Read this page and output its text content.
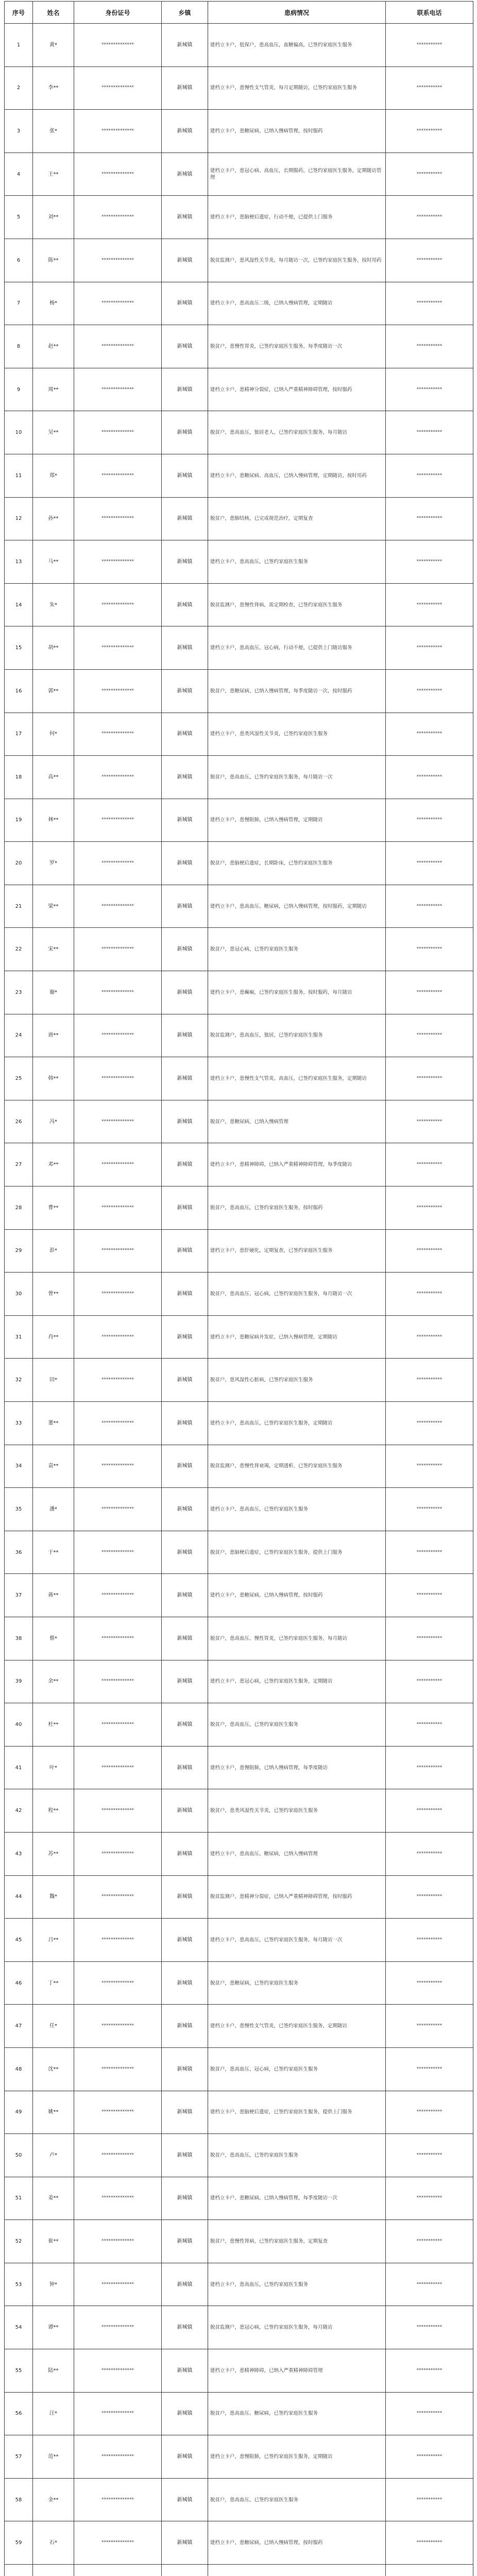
序号	姓名	身份证号	乡镇	患病情况	联系电话
1	黄*	**************	新城镇	建档立卡户，低保户，患高血压，血糖偏高，已签约家庭医生服务	***********
2	李**	**************	新城镇	建档立卡户，患慢性支气管炎，每月定期随访，已签约家庭医生服务	***********
3	张*	**************	新城镇	建档立卡户，患糖尿病，已纳入慢病管理，按时服药	***********
4	王**	**************	新城镇	建档立卡户，患冠心病、高血压，长期服药，已签约家庭医生服务，定期随访管理	***********
5	刘**	**************	新城镇	建档立卡户，患脑梗后遗症，行动不便，已提供上门服务	***********
6	陈**	**************	新城镇	脱贫监测户，患风湿性关节炎，每月随访一次，已签约家庭医生服务，按时用药	***********
7	杨*	**************	新城镇	建档立卡户，患高血压二级，已纳入慢病管理，定期随访	***********
8	赵**	**************	新城镇	脱贫户，患慢性胃炎，已签约家庭医生服务，每季度随访一次	***********
9	周**	**************	新城镇	建档立卡户，患精神分裂症，已纳入严重精神障碍管理，按时服药	***********
10	吴**	**************	新城镇	脱贫户，患高血压，独居老人，已签约家庭医生服务，每月随访	***********
11	郑*	**************	新城镇	建档立卡户，患糖尿病、高血压，已纳入慢病管理，定期随访，按时用药	***********
12	孙**	**************	新城镇	脱贫户，患肺结核，已完成规范治疗，定期复查	***********
13	马**	**************	新城镇	建档立卡户，患高血压，已签约家庭医生服务	***********
14	朱*	**************	新城镇	脱贫监测户，患慢性肾病，需定期检查，已签约家庭医生服务	***********
15	胡**	**************	新城镇	建档立卡户，患高血压、冠心病，行动不便，已提供上门随访服务	***********
16	郭**	**************	新城镇	脱贫户，患糖尿病，已纳入慢病管理，每季度随访一次，按时服药	***********
17	何*	**************	新城镇	建档立卡户，患类风湿性关节炎，已签约家庭医生服务	***********
18	高**	**************	新城镇	脱贫户，患高血压，已签约家庭医生服务，每月随访一次	***********
19	林**	**************	新城镇	建档立卡户，患慢阻肺，已纳入慢病管理，定期随访	***********
20	罗*	**************	新城镇	脱贫户，患脑梗后遗症，长期卧床，已签约家庭医生服务	***********
21	梁**	**************	新城镇	建档立卡户，患高血压、糖尿病，已纳入慢病管理，按时服药，定期随访	***********
22	宋**	**************	新城镇	脱贫户，患冠心病，已签约家庭医生服务	***********
23	谢*	**************	新城镇	建档立卡户，患癫痫，已签约家庭医生服务，按时服药，每月随访	***********
24	唐**	**************	新城镇	脱贫监测户，患高血压，独居，已签约家庭医生服务	***********
25	韩**	**************	新城镇	建档立卡户，患慢性支气管炎、高血压，已签约家庭医生服务，定期随访	***********
26	冯*	**************	新城镇	脱贫户，患糖尿病，已纳入慢病管理	***********
27	邓**	**************	新城镇	建档立卡户，患精神障碍，已纳入严重精神障碍管理，每季度随访	***********
28	曹**	**************	新城镇	脱贫户，患高血压，已签约家庭医生服务，按时服药	***********
29	彭*	**************	新城镇	建档立卡户，患肝硬化，定期复查，已签约家庭医生服务	***********
30	曾**	**************	新城镇	脱贫户，患高血压、冠心病，已签约家庭医生服务，每月随访一次	***********
31	肖**	**************	新城镇	建档立卡户，患糖尿病并发症，已纳入慢病管理，定期随访	***********
32	田*	**************	新城镇	脱贫户，患风湿性心脏病，已签约家庭医生服务	***********
33	董**	**************	新城镇	建档立卡户，患高血压，已签约家庭医生服务，定期随访	***********
34	袁**	**************	新城镇	脱贫监测户，患慢性肾衰竭，定期透析，已签约家庭医生服务	***********
35	潘*	**************	新城镇	建档立卡户，患高血压，已签约家庭医生服务	***********
36	于**	**************	新城镇	脱贫户，患脑梗后遗症，已签约家庭医生服务，提供上门服务	***********
37	蒋**	**************	新城镇	建档立卡户，患糖尿病，已纳入慢病管理，按时服药	***********
38	蔡*	**************	新城镇	脱贫户，患高血压、慢性胃炎，已签约家庭医生服务，每月随访	***********
39	余**	**************	新城镇	建档立卡户，患冠心病，已签约家庭医生服务，定期随访	***********
40	杜**	**************	新城镇	脱贫户，患高血压，已签约家庭医生服务	***********
41	叶*	**************	新城镇	建档立卡户，患慢阻肺，已纳入慢病管理，每季度随访	***********
42	程**	**************	新城镇	脱贫户，患类风湿性关节炎，已签约家庭医生服务	***********
43	苏**	**************	新城镇	建档立卡户，患高血压、糖尿病，已纳入慢病管理	***********
44	魏*	**************	新城镇	脱贫监测户，患精神分裂症，已纳入严重精神障碍管理，按时服药	***********
45	吕**	**************	新城镇	建档立卡户，患高血压，已签约家庭医生服务，每月随访一次	***********
46	丁**	**************	新城镇	脱贫户，患糖尿病，已签约家庭医生服务	***********
47	任*	**************	新城镇	建档立卡户，患慢性支气管炎，已签约家庭医生服务，定期随访	***********
48	沈**	**************	新城镇	脱贫户，患高血压、冠心病，已签约家庭医生服务	***********
49	姚**	**************	新城镇	建档立卡户，患脑梗后遗症，已签约家庭医生服务，提供上门服务	***********
50	卢*	**************	新城镇	脱贫户，患高血压，已签约家庭医生服务	***********
51	姜**	**************	新城镇	建档立卡户，患糖尿病，已纳入慢病管理，每季度随访一次	***********
52	崔**	**************	新城镇	脱贫户，患慢性肾病，已签约家庭医生服务，定期复查	***********
53	钟*	**************	新城镇	建档立卡户，患高血压，已签约家庭医生服务	***********
54	谭**	**************	新城镇	脱贫监测户，患冠心病，已签约家庭医生服务，每月随访	***********
55	陆**	**************	新城镇	建档立卡户，患精神障碍，已纳入严重精神障碍管理	***********
56	汪*	**************	新城镇	脱贫户，患高血压、糖尿病，已签约家庭医生服务	***********
57	范**	**************	新城镇	建档立卡户，患慢阻肺，已签约家庭医生服务，定期随访	***********
58	金**	**************	新城镇	脱贫户，患高血压，已签约家庭医生服务	***********
59	石*	**************	新城镇	建档立卡户，患糖尿病，已纳入慢病管理，按时服药	***********
